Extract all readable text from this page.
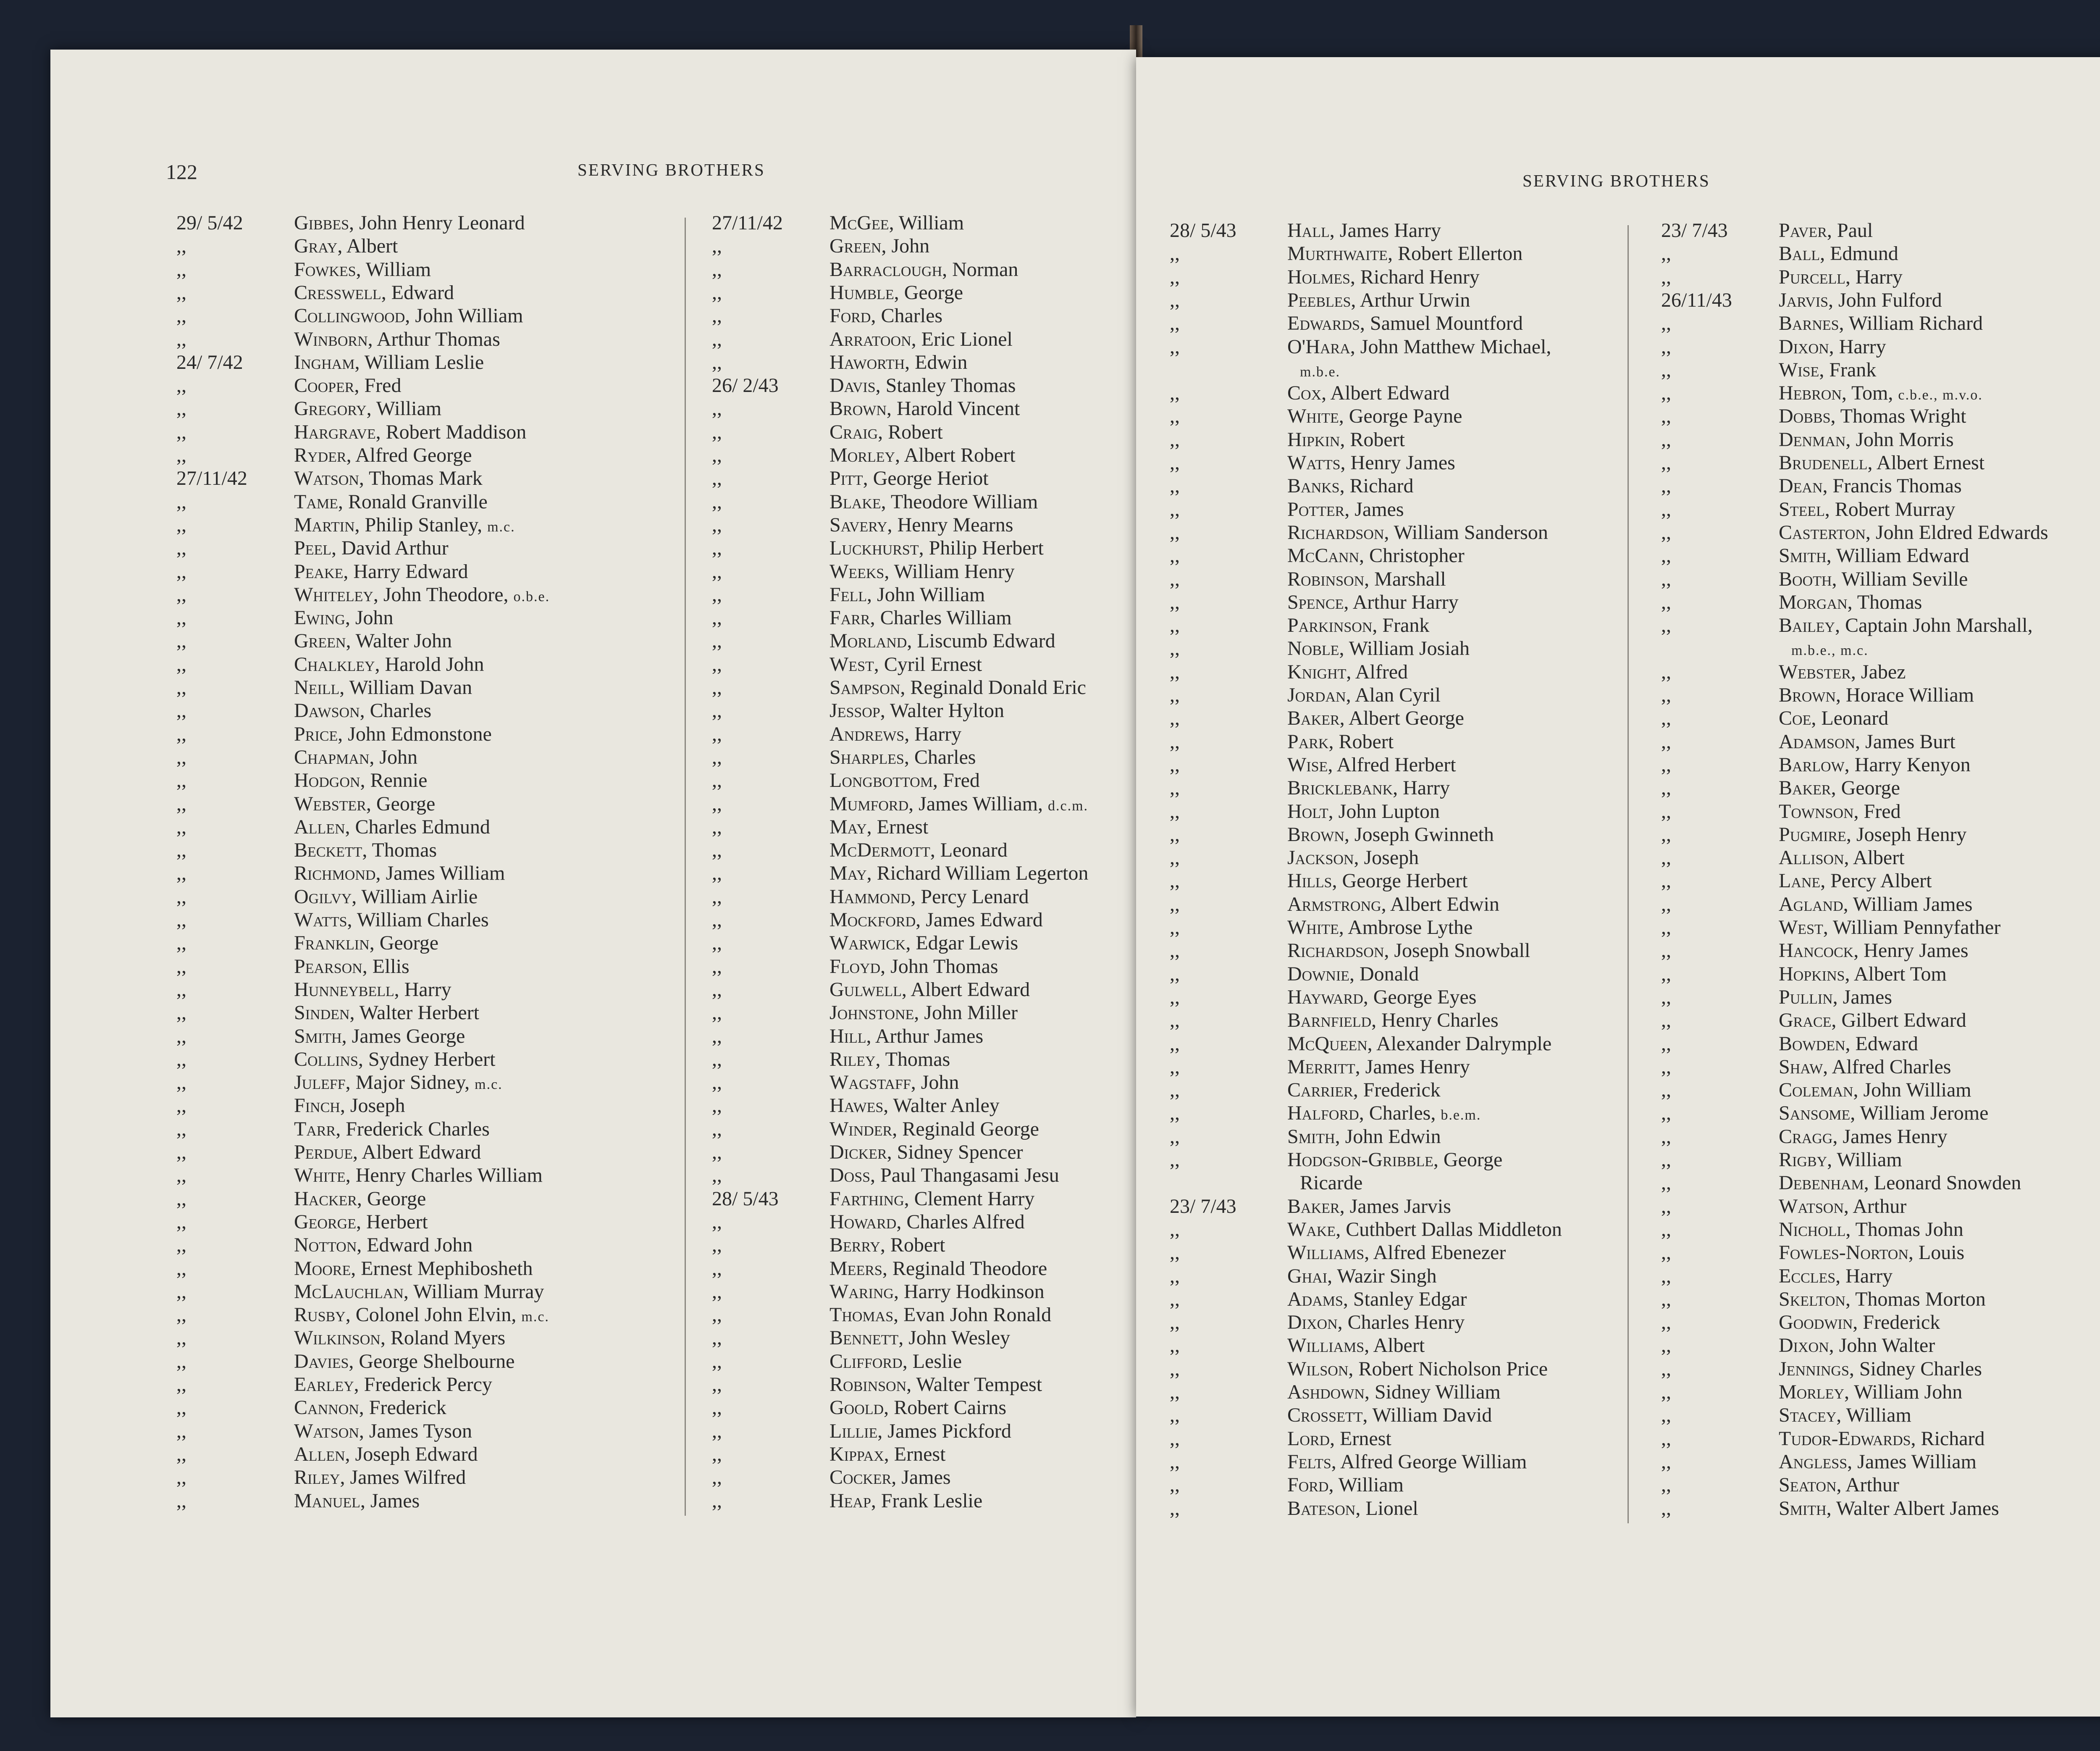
122	SERVING BROTHERS
29/ 5/42	Gibbes, John Henry Leonard
,,	Gray, Albert
,,	Fowkes, William
,,	Cresswell, Edward
,,	Collingwood, John William
,,	Winborn, Arthur Thomas
24/ 7/42	Ingham, William Leslie
,,	Cooper, Fred
,,	Gregory, William
,,	Hargrave, Robert Maddison
,,	Ryder, Alfred George
27/11/42	Watson, Thomas Mark
,,	Tame, Ronald Granville
,,	Martin, Philip Stanley, m.c.
,,	Peel, David Arthur
,,	Peake, Harry Edward
,,	Whiteley, John Theodore, o.b.e.
,,	Ewing, John
,,	Green, Walter John
,,	Chalkley, Harold John
,,	Neill, William Davan
,,	Dawson, Charles
,,	Price, John Edmonstone
,,	Chapman, John
,,	Hodgon, Rennie
,,	Webster, George
,,	Allen, Charles Edmund
,,	Beckett, Thomas
,,	Richmond, James William
,,	Ogilvy, William Airlie
,,	Watts, William Charles
,,	Franklin, George
,,	Pearson, Ellis
,,	Hunneybell, Harry
,,	Sinden, Walter Herbert
,,	Smith, James George
,,	Collins, Sydney Herbert
,,	Juleff, Major Sidney, m.c.
,,	Finch, Joseph
,,	Tarr, Frederick Charles
,,	Perdue, Albert Edward
,,	White, Henry Charles William
,,	Hacker, George
,,	George, Herbert
,,	Notton, Edward John
,,	Moore, Ernest Mephibosheth
,,	McLauchlan, William Murray
,,	Rusby, Colonel John Elvin, m.c.
,,	Wilkinson, Roland Myers
,,	Davies, George Shelbourne
,,	Earley, Frederick Percy
,,	Cannon, Frederick
,,	Watson, James Tyson
,,	Allen, Joseph Edward
,,	Riley, James Wilfred
,,	Manuel, James
27/11/42	McGee, William
,,	Green, John
,,	Barraclough, Norman
,,	Humble, George
,,	Ford, Charles
,,	Arratoon, Eric Lionel
,,	Haworth, Edwin
26/ 2/43	Davis, Stanley Thomas
,,	Brown, Harold Vincent
,,	Craig, Robert
,,	Morley, Albert Robert
,,	Pitt, George Heriot
,,	Blake, Theodore William
,,	Savery, Henry Mearns
,,	Luckhurst, Philip Herbert
,,	Weeks, William Henry
,,	Fell, John William
,,	Farr, Charles William
,,	Morland, Liscumb Edward
,,	West, Cyril Ernest
,,	Sampson, Reginald Donald Eric
,,	Jessop, Walter Hylton
,,	Andrews, Harry
,,	Sharples, Charles
,,	Longbottom, Fred
,,	Mumford, James William, d.c.m.
,,	May, Ernest
,,	McDermott, Leonard
,,	May, Richard William Legerton
,,	Hammond, Percy Lenard
,,	Mockford, James Edward
,,	Warwick, Edgar Lewis
,,	Floyd, John Thomas
,,	Gulwell, Albert Edward
,,	Johnstone, John Miller
,,	Hill, Arthur James
,,	Riley, Thomas
,,	Wagstaff, John
,,	Hawes, Walter Anley
,,	Winder, Reginald George
,,	Dicker, Sidney Spencer
,,	Doss, Paul Thangasami Jesu
28/ 5/43	Farthing, Clement Harry
,,	Howard, Charles Alfred
,,	Berry, Robert
,,	Meers, Reginald Theodore
,,	Waring, Harry Hodkinson
,,	Thomas, Evan John Ronald
,,	Bennett, John Wesley
,,	Clifford, Leslie
,,	Robinson, Walter Tempest
,,	Goold, Robert Cairns
,,	Lillie, James Pickford
,,	Kippax, Ernest
,,	Cocker, James
,,	Heap, Frank Leslie
SERVING BROTHERS
28/ 5/43	Hall, James Harry
,,	Murthwaite, Robert Ellerton
,,	Holmes, Richard Henry
,,	Peebles, Arthur Urwin
,,	Edwards, Samuel Mountford
,,	O'Hara, John Matthew Michael,
m.b.e.
,,	Cox, Albert Edward
,,	White, George Payne
,,	Hipkin, Robert
,,	Watts, Henry James
,,	Banks, Richard
,,	Potter, James
,,	Richardson, William Sanderson
,,	McCann, Christopher
,,	Robinson, Marshall
,,	Spence, Arthur Harry
,,	Parkinson, Frank
,,	Noble, William Josiah
,,	Knight, Alfred
,,	Jordan, Alan Cyril
,,	Baker, Albert George
,,	Park, Robert
,,	Wise, Alfred Herbert
,,	Bricklebank, Harry
,,	Holt, John Lupton
,,	Brown, Joseph Gwinneth
,,	Jackson, Joseph
,,	Hills, George Herbert
,,	Armstrong, Albert Edwin
,,	White, Ambrose Lythe
,,	Richardson, Joseph Snowball
,,	Downie, Donald
,,	Hayward, George Eyes
,,	Barnfield, Henry Charles
,,	McQueen, Alexander Dalrymple
,,	Merritt, James Henry
,,	Carrier, Frederick
,,	Halford, Charles, b.e.m.
,,	Smith, John Edwin
,,	Hodgson-Gribble, George
Ricarde
23/ 7/43	Baker, James Jarvis
,,	Wake, Cuthbert Dallas Middleton
,,	Williams, Alfred Ebenezer
,,	Ghai, Wazir Singh
,,	Adams, Stanley Edgar
,,	Dixon, Charles Henry
,,	Williams, Albert
,,	Wilson, Robert Nicholson Price
,,	Ashdown, Sidney William
,,	Crossett, William David
,,	Lord, Ernest
,,	Felts, Alfred George William
,,	Ford, William
,,	Bateson, Lionel
23/ 7/43	Paver, Paul
,,	Ball, Edmund
,,	Purcell, Harry
26/11/43	Jarvis, John Fulford
,,	Barnes, William Richard
,,	Dixon, Harry
,,	Wise, Frank
,,	Hebron, Tom, c.b.e., m.v.o.
,,	Dobbs, Thomas Wright
,,	Denman, John Morris
,,	Brudenell, Albert Ernest
,,	Dean, Francis Thomas
,,	Steel, Robert Murray
,,	Casterton, John Eldred Edwards
,,	Smith, William Edward
,,	Booth, William Seville
,,	Morgan, Thomas
,,	Bailey, Captain John Marshall,
m.b.e., m.c.
,,	Webster, Jabez
,,	Brown, Horace William
,,	Coe, Leonard
,,	Adamson, James Burt
,,	Barlow, Harry Kenyon
,,	Baker, George
,,	Townson, Fred
,,	Pugmire, Joseph Henry
,,	Allison, Albert
,,	Lane, Percy Albert
,,	Agland, William James
,,	West, William Pennyfather
,,	Hancock, Henry James
,,	Hopkins, Albert Tom
,,	Pullin, James
,,	Grace, Gilbert Edward
,,	Bowden, Edward
,,	Shaw, Alfred Charles
,,	Coleman, John William
,,	Sansome, William Jerome
,,	Cragg, James Henry
,,	Rigby, William
,,	Debenham, Leonard Snowden
,,	Watson, Arthur
,,	Nicholl, Thomas John
,,	Fowles-Norton, Louis
,,	Eccles, Harry
,,	Skelton, Thomas Morton
,,	Goodwin, Frederick
,,	Dixon, John Walter
,,	Jennings, Sidney Charles
,,	Morley, William John
,,	Stacey, William
,,	Tudor-Edwards, Richard
,,	Angless, James William
,,	Seaton, Arthur
,,	Smith, Walter Albert James
